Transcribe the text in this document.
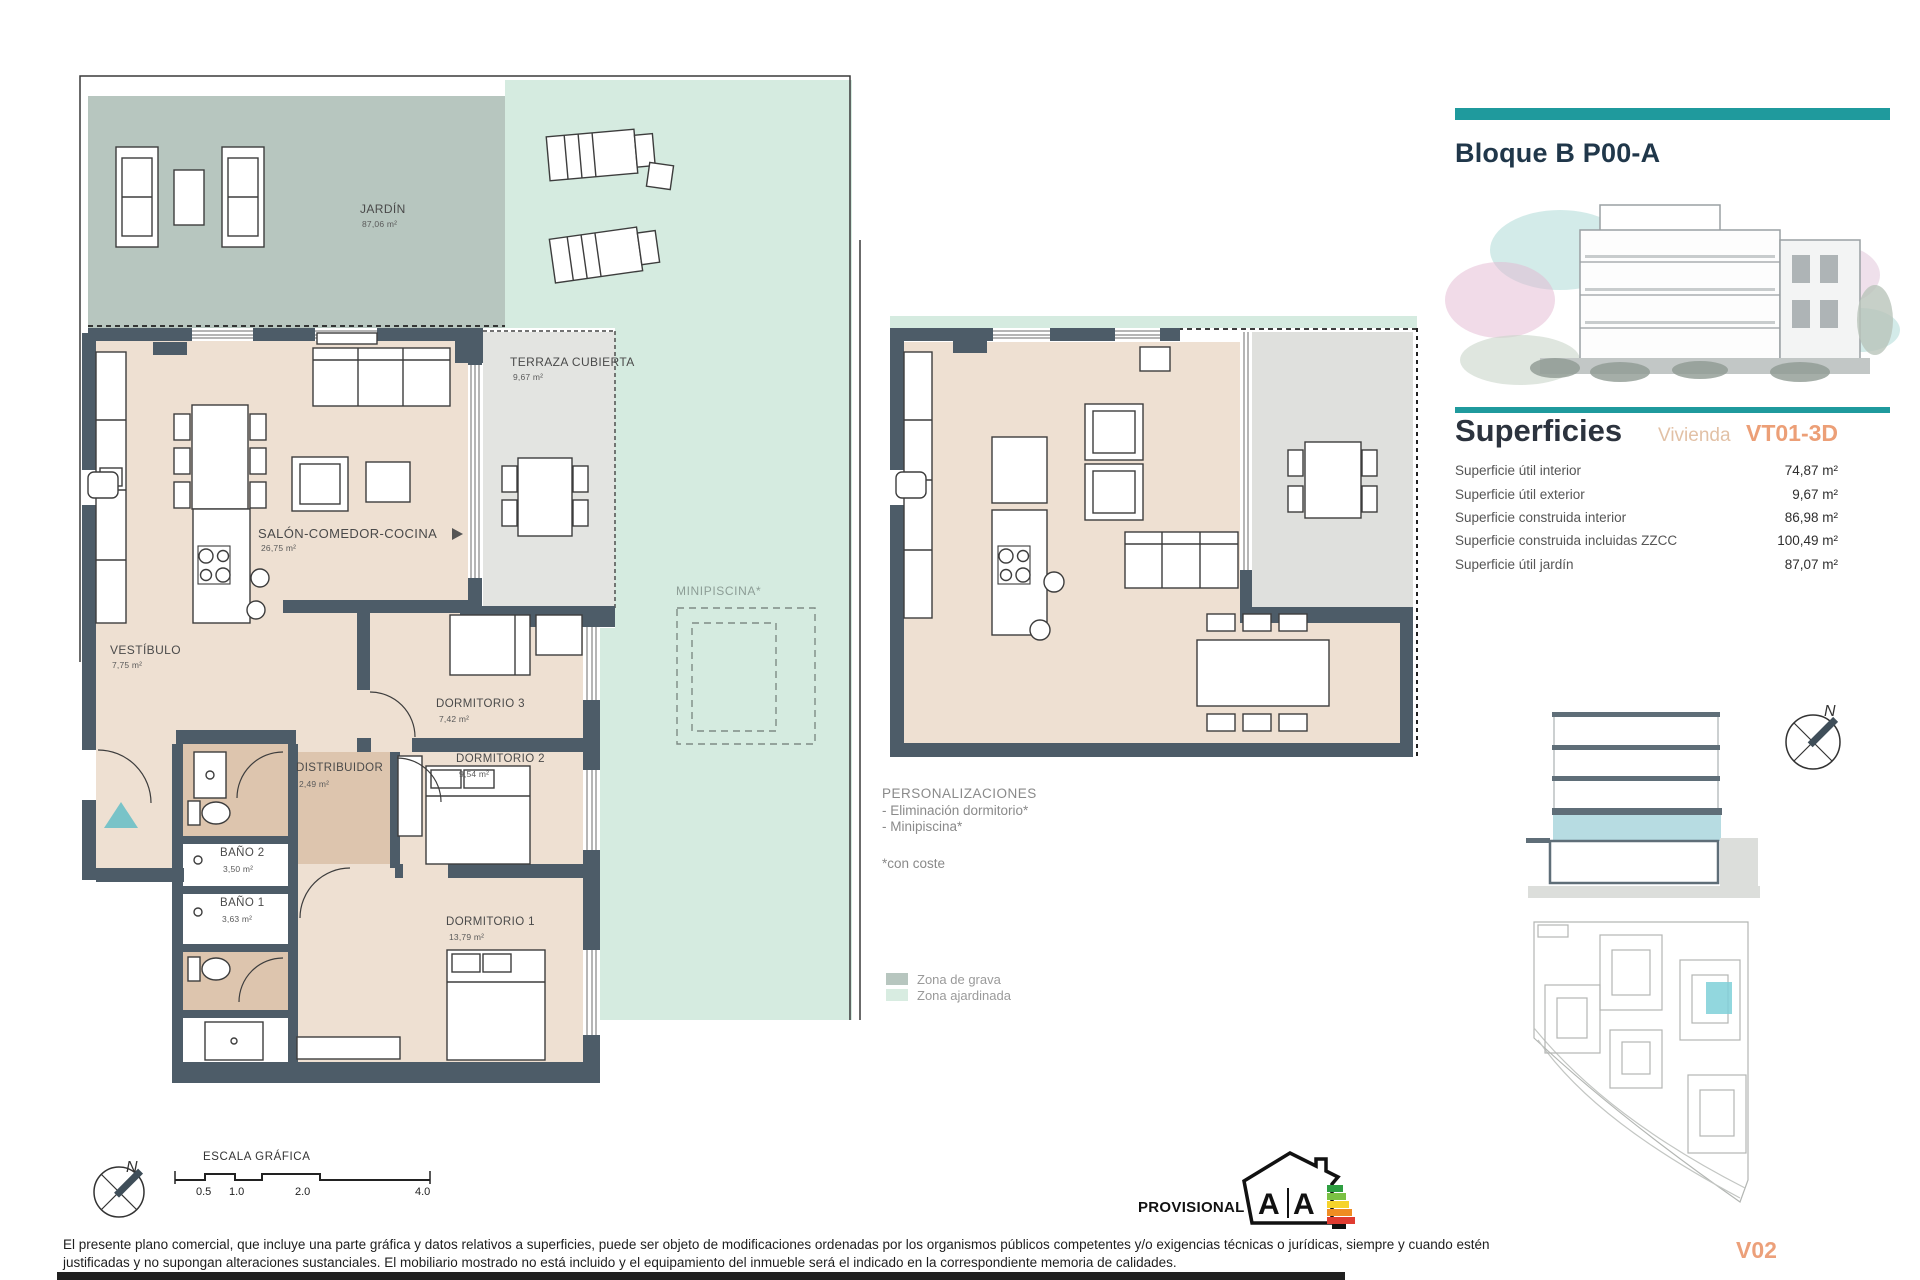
A A
N
N
JARDÍN
87,06 m²
TERRAZA CUBIERTA
9,67 m²
SALÓN-COMEDOR-COCINA
26,75 m²
VESTÍBULO
7,75 m²
DISTRIBUIDOR
2,49 m²
DORMITORIO 3
7,42 m²
DORMITORIO 2
9,54 m²
DORMITORIO 1
13,79 m²
BAÑO 2
3,50 m²
BAÑO 1
3,63 m²
MINIPISCINA*
PERSONALIZACIONES
- Eliminación dormitorio*
- Minipiscina*
*con coste
Zona de grava
Zona ajardinada
Bloque B P00-A
Superficies Vivienda VT01-3D
Superficie útil interior	74,87 m²
Superficie útil exterior	9,67 m²
Superficie construida interior	86,98 m²
Superficie construida incluidas ZZCC	100,49 m²
Superficie útil jardín	87,07 m²
V02
ESCALA GRÁFICA
0.5 1.0	2.0	4.0
PROVISIONAL
El presente plano comercial, que incluye una parte gráfica y datos relativos a superficies, puede ser objeto de modificaciones ordenadas por los organismos públicos competentes y/o exigencias técnicas o jurídicas, siempre y cuando estén justificadas y no supongan alteraciones sustanciales. El mobiliario mostrado no está incluido y el equipamiento del inmueble será el indicado en la correspondiente memoria de calidades.
